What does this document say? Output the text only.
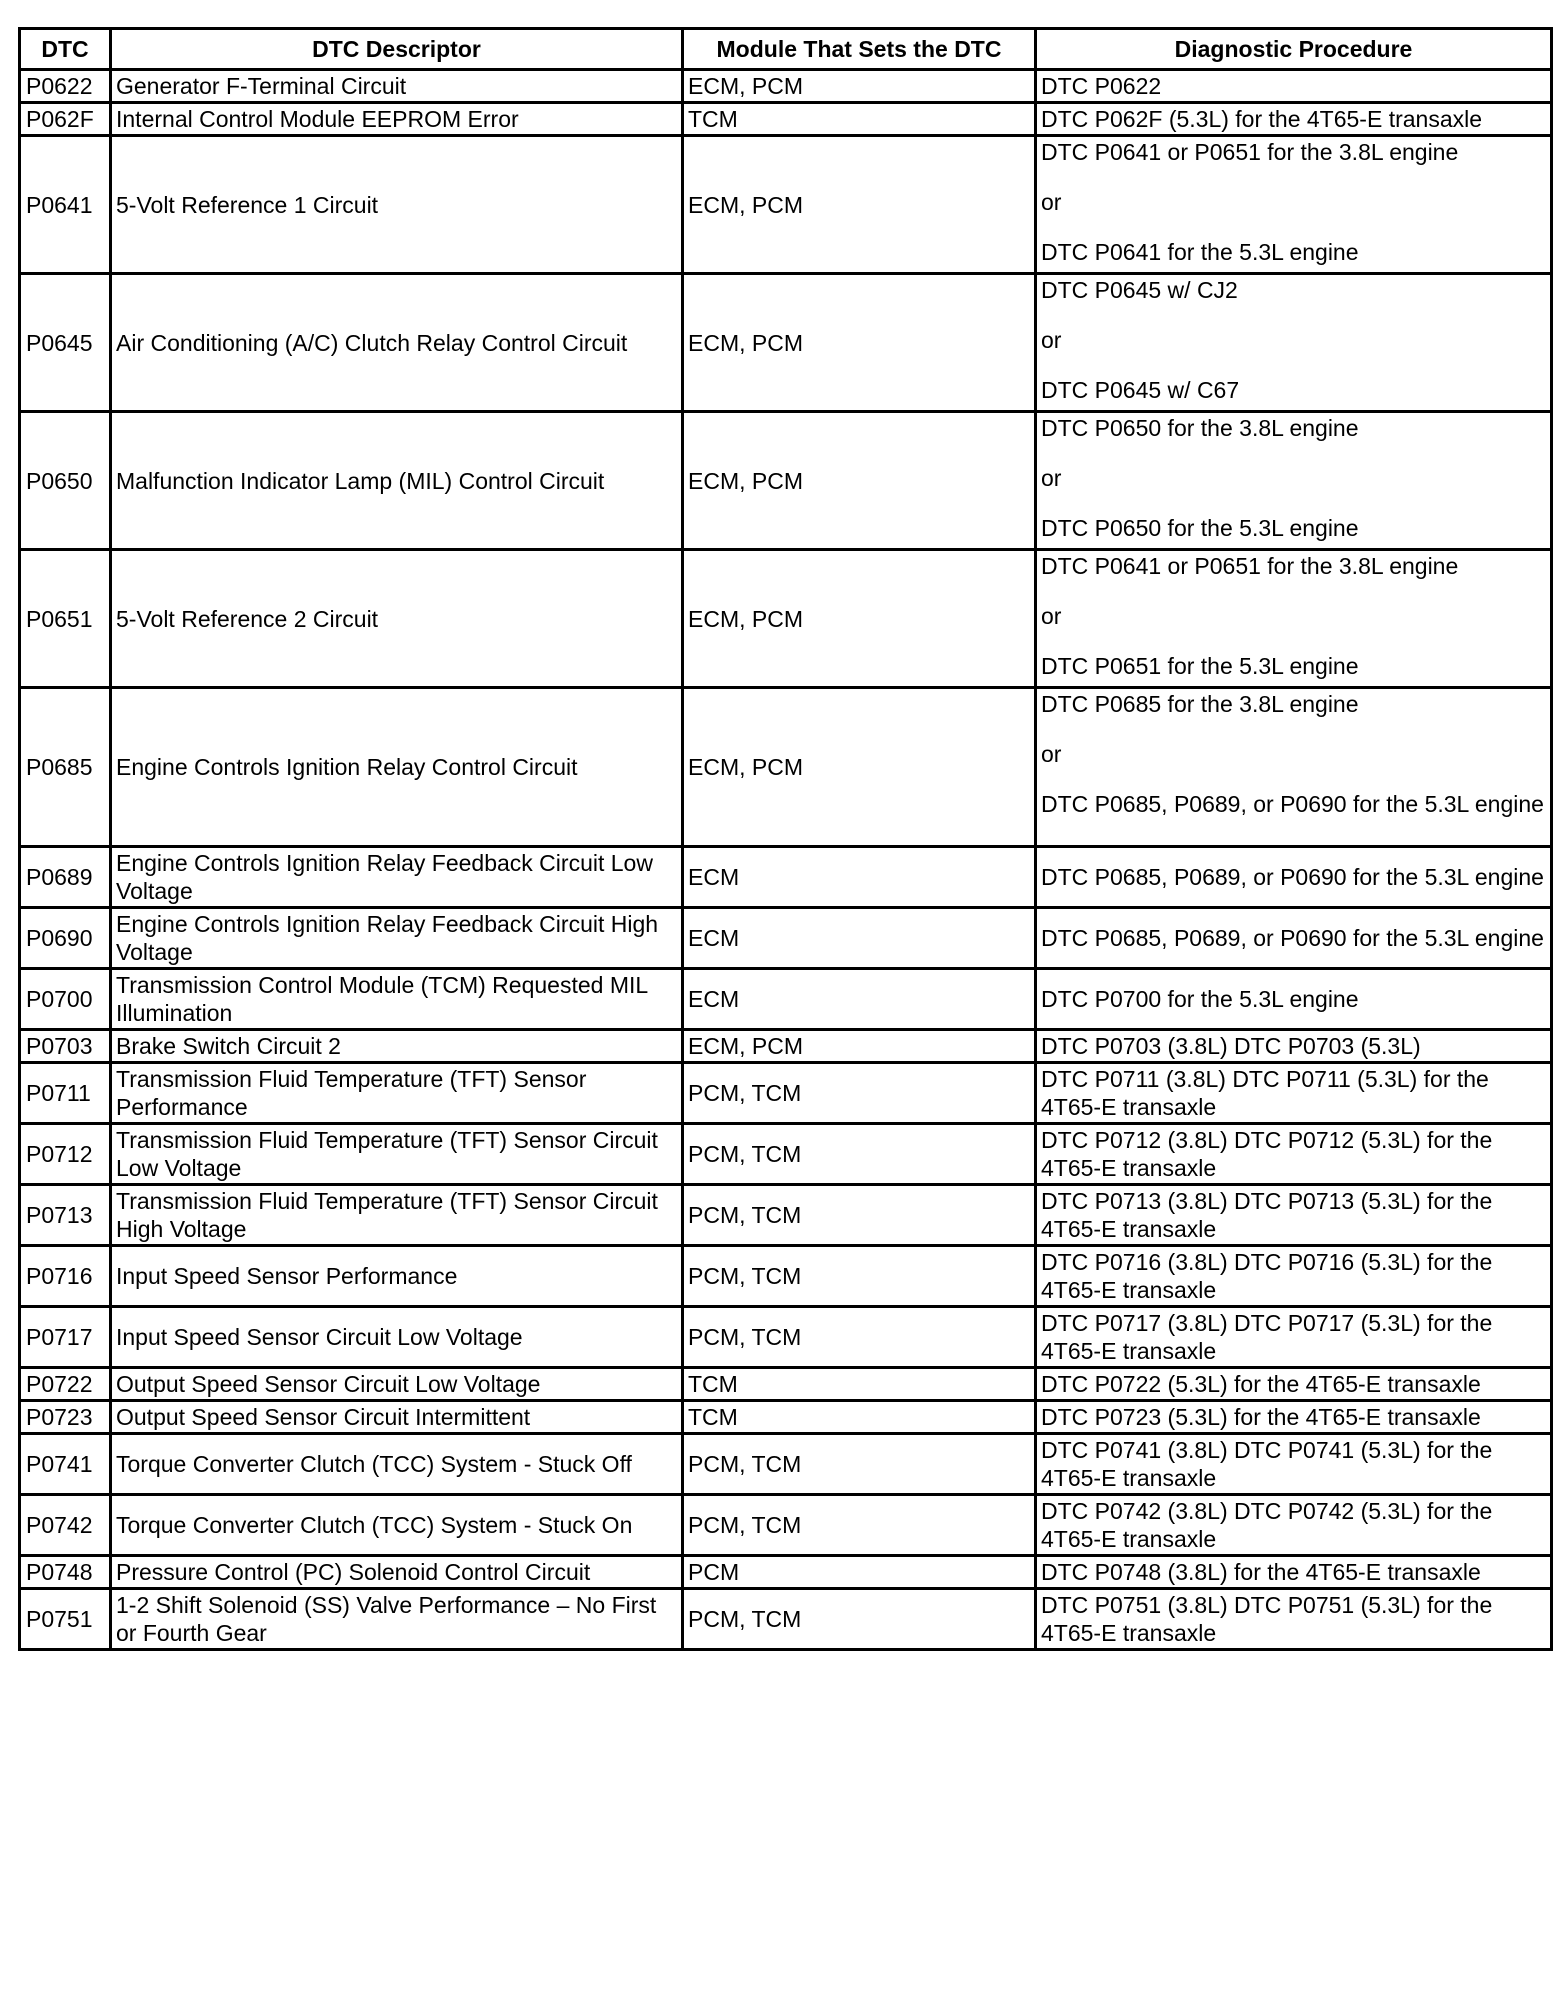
DTC	DTC Descriptor	Module That Sets the DTC	Diagnostic Procedure
P0622	Generator F-Terminal Circuit	ECM, PCM	DTC P0622

P062F	Internal Control Module EEPROM Error	TCM	DTC P062F (5.3L) for the 4T65-E transaxle

P0641	5-Volt Reference 1 Circuit	ECM, PCM	DTC P0641 or P0651 for the 3.8L engine
or
DTC P0641 for the 5.3L engine

P0645	Air Conditioning (A/C) Clutch Relay Control Circuit	ECM, PCM	DTC P0645 w/ CJ2
or
DTC P0645 w/ C67

P0650	Malfunction Indicator Lamp (MIL) Control Circuit	ECM, PCM	DTC P0650 for the 3.8L engine
or
DTC P0650 for the 5.3L engine

P0651	5-Volt Reference 2 Circuit	ECM, PCM	DTC P0641 or P0651 for the 3.8L engine
or
DTC P0651 for the 5.3L engine

P0685	Engine Controls Ignition Relay Control Circuit	ECM, PCM	DTC P0685 for the 3.8L engine
or
DTC P0685, P0689, or P0690 for the 5.3L engine

P0689	Engine Controls Ignition Relay Feedback Circuit Low Voltage	ECM	DTC P0685, P0689, or P0690 for the 5.3L engine

P0690	Engine Controls Ignition Relay Feedback Circuit High Voltage	ECM	DTC P0685, P0689, or P0690 for the 5.3L engine

P0700	Transmission Control Module (TCM) Requested MIL Illumination	ECM	DTC P0700 for the 5.3L engine

P0703	Brake Switch Circuit 2	ECM, PCM	DTC P0703 (3.8L) DTC P0703 (5.3L)

P0711	Transmission Fluid Temperature (TFT) Sensor Performance	PCM, TCM	DTC P0711 (3.8L) DTC P0711 (5.3L) for the 4T65-E transaxle

P0712	Transmission Fluid Temperature (TFT) Sensor Circuit Low Voltage	PCM, TCM	DTC P0712 (3.8L) DTC P0712 (5.3L) for the 4T65-E transaxle

P0713	Transmission Fluid Temperature (TFT) Sensor Circuit High Voltage	PCM, TCM	DTC P0713 (3.8L) DTC P0713 (5.3L) for the 4T65-E transaxle

P0716	Input Speed Sensor Performance	PCM, TCM	DTC P0716 (3.8L) DTC P0716 (5.3L) for the 4T65-E transaxle

P0717	Input Speed Sensor Circuit Low Voltage	PCM, TCM	DTC P0717 (3.8L) DTC P0717 (5.3L) for the 4T65-E transaxle

P0722	Output Speed Sensor Circuit Low Voltage	TCM	DTC P0722 (5.3L) for the 4T65-E transaxle

P0723	Output Speed Sensor Circuit Intermittent	TCM	DTC P0723 (5.3L) for the 4T65-E transaxle

P0741	Torque Converter Clutch (TCC) System - Stuck Off	PCM, TCM	DTC P0741 (3.8L) DTC P0741 (5.3L) for the 4T65-E transaxle

P0742	Torque Converter Clutch (TCC) System - Stuck On	PCM, TCM	DTC P0742 (3.8L) DTC P0742 (5.3L) for the 4T65-E transaxle

P0748	Pressure Control (PC) Solenoid Control Circuit	PCM	DTC P0748 (3.8L) for the 4T65-E transaxle

P0751	1-2 Shift Solenoid (SS) Valve Performance – No First or Fourth Gear	PCM, TCM	DTC P0751 (3.8L) DTC P0751 (5.3L) for the 4T65-E transaxle
